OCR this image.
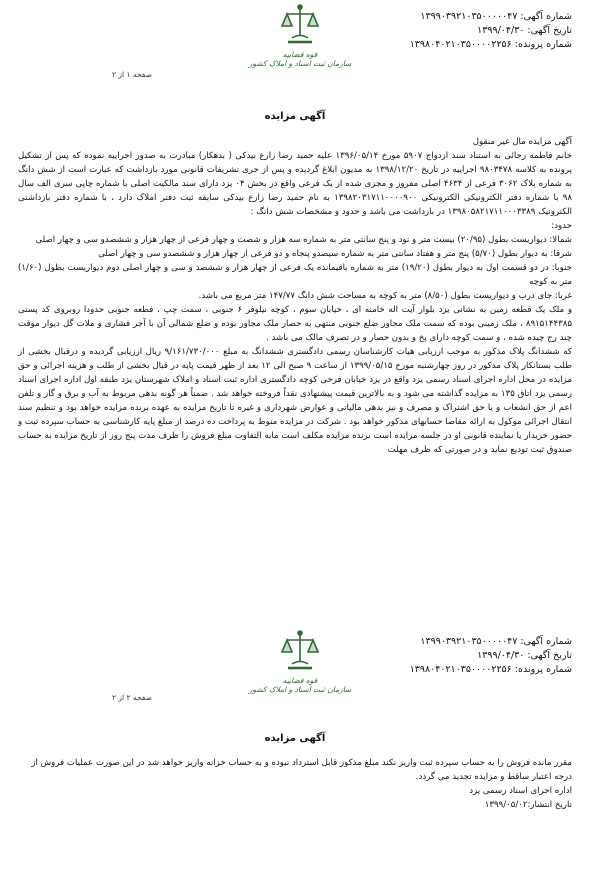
شماره آگهی: ۱۳۹۹۰۳۹۲۱۰۳۵۰۰۰۰۰۴۷
تاریخ آگهی: ۱۳۹۹/۰۴/۳۰
شماره پرونده: ۱۳۹۸۰۴۰۲۱۰۳۵۰۰۰۰۲۲۵۶
قوه قضاییه
سازمان ثبت اسناد و املاک کشور
صفحه ۱ از ۲
آگهی مزایده

آگهی مزایده مال غیر منقول

خانم فاطمه رجائی به استناد سند ازدواج ۵۹۰۷ مورخ ۱۳۹۶/۰۵/۱۴ علیه حمید رضا زارع بیدکی ( بدهکار) مبادرت به صدور اجراییه نموده که پس از تشکیل پرونده به کلاسه ۹۸۰۳۴۷۸ اجراییه در تاریخ ۱۳۹۸/۱۲/۲۰ به مدیون ابلاغ گردیده و پس از جری تشریفات قانونی مورد بازداشت که عبارت است از شش دانگ به شماره پلاک ۳۰۶۲ فرعی از ۴۶۳۴ اصلی مفروز و مجزی شده از یک فرعی واقع در بخش ۰۴ یزد دارای سند مالکیت اصلی با شماره چاپی سری الف سال ۹۸ با شماره دفتر الکترونیکی الکترونیکی ۱۳۹۸۲۰۳۱۷۱۱۰۰۰۰۹۰۰ به نام حمید رضا زارع بیدکی سابقه ثبت دفتر املاک دارد ، با شماره دفتر بازداشتی الکترونیک ۱۳۹۸۰۵۸۲۱۷۱۱۰۰۰۳۳۸۹ در بازداشت می باشد و حدود و مشخصات شش دانگ :

حدود:

شمالا: دیواریست بطول (۲۰/۹۵) بیست متر و نود و پنج سانتی متر به شماره سه هزار و شصت و چهار فرعی از چهار هزار و ششصدو سی و چهار اصلی

شرقا: به دیوار بطول (۵/۷۰) پنج متر و هفتاد سانتی متر به شماره سیصدو پنجاه و دو فرعی از چهار هزار و ششصدو سی و چهار اصلی

جنوبا: در دو قسمت اول به دیوار بطول (۱۹/۲۰) متر به شماره باقیمانده یک فرعی از چهار هزار و ششصد و سی و چهار اصلی دوم دیواریست بطول (۱/۶۰) متر به کوچه

غربا: جای درب و دیواریست بطول (۸/۵۰) متر به کوچه به مساحت شش دانگ ۱۴۷/۷۷ متر مربع می باشد.

و ملک یک قطعه زمین به نشانی یزد بلوار آیت اله خامنه ای ، خیابان سوم ، کوچه نیلوفر ۶ جنوبی ، سمت چپ ، قطعه جنوبی حدودا روبروی کد پستی ۸۹۱۵۱۴۴۳۸۵ ، ملک زمینی بوده که سمت ملک مجاور ضلع جنوبی منتهی به حصار ملک مجاور بوده و ضلع شمالی آن با آجر فشاری و ملات گل دیوار موقت چند رج چیده شده ، و سمت کوچه دارای پخ و بدون حصار و در تصرف مالک می باشد .

که ششدانگ پلاک مذکور به موجب ارزیابی هیات کارشناسان رسمی دادگستری ششدانگ به مبلغ ۹/۱۶۱/۷۳۰/۰۰۰ ریال ارزیابی گردیده و درقبال بخشی از طلب بستانکار پلاک مذکور در روز چهارشنبه مورخ ۱۳۹۹/۰۵/۱۵ از ساعت ۹ صبح الی ۱۲ بعد از ظهر قیمت پایه در قبال بخشی از طلب و هزینه اجرائی و حق مزایده در محل اداره اجرای اسناد رسمی یزد واقع در یزد خیابان فرخی کوچه دادگستری اداره ثبت اسناد و املاک شهرستان یزد طبقه اول اداره اجرای اسناد رسمی یزد اتاق ۱۳۵ به مزایده گذاشته می شود و به بالاترین قیمت پیشنهادی نقداً فروخته خواهد شد . ضمناً هر گونه بدهی مربوط به آب و برق و گاز و تلفن اعم از حق انشعاب و یا حق اشتراک و مصرف و نیز بدهی مالیاتی و عوارض شهرداری و غیره تا تاریخ مزایده به عهده برنده مزایده خواهد بود و تنظیم سند انتقال اجرائی موکول به ارائه مفاصا حسابهای مذکور خواهد بود . شرکت در مزایده منوط به پرداخت ده درصد از مبلغ پایه کارشناسی به حساب سپرده ثبت و حضور خریدار یا نماینده قانونی او در جلسه مزایده است برنده مزایده مکلف است مابه التفاوت مبلغ فروش را ظرف مدت پنج روز از تاریخ مزایده به حساب صندوق ثبت تودیع نماید و در صورتی که ظرف مهلت

شماره آگهی: ۱۳۹۹۰۳۹۲۱۰۳۵۰۰۰۰۰۴۷
تاریخ آگهی: ۱۳۹۹/۰۴/۳۰
شماره پرونده: ۱۳۹۸۰۴۰۲۱۰۳۵۰۰۰۰۲۲۵۶
قوه قضاییه
سازمان ثبت اسناد و املاک کشور
صفحه ۲ از ۲
آگهی مزایده

مقرر مانده فروش را به حساب سپرده ثبت واریز نکند مبلغ مذکور قابل استرداد نبوده و به حساب خزانه واریز خواهد شد در این صورت عملیات فروش از درجه اعتبار ساقط و مزایده تجدید می گردد.

اداره اجرای اسناد رسمی یزد

تاریخ انتشار:۱۳۹۹/۰۵/۰۲
